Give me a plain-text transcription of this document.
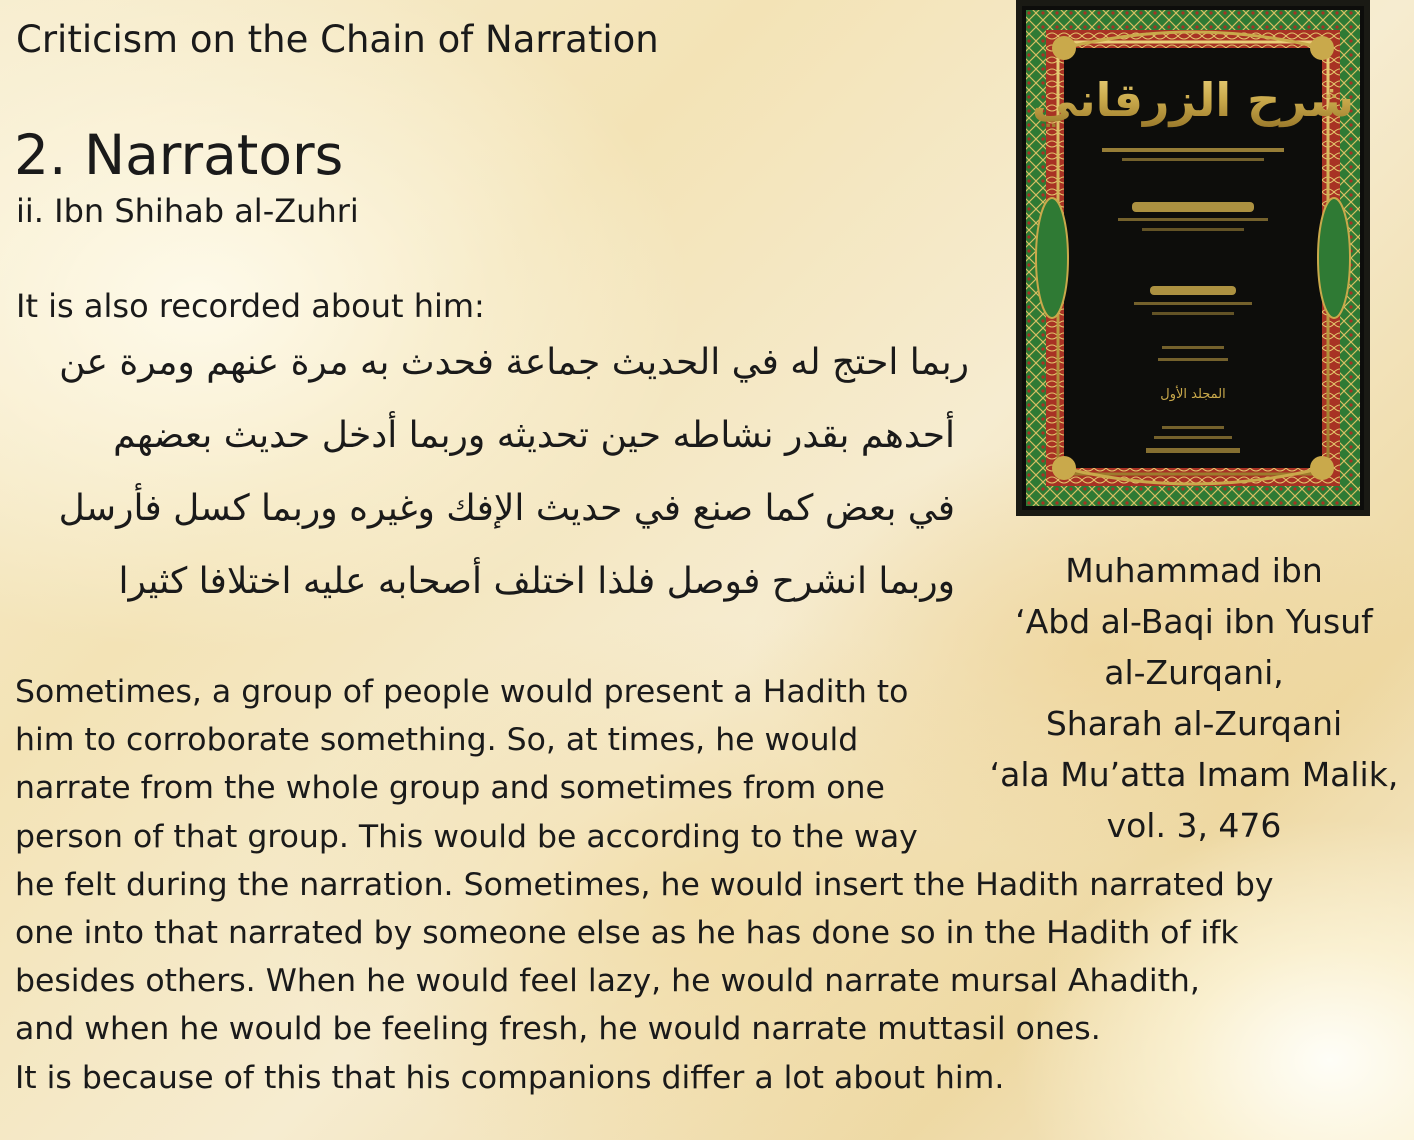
Criticism on the Chain of Narration
2. Narrators
ii. Ibn Shihab al-Zuhri
It is also recorded about him:
ربما احتج له في الحديث جماعة فحدث به مرة عنهم ومرة عن
أحدهم بقدر نشاطه حين تحديثه وربما أدخل حديث بعضهم
في بعض كما صنع في حديث الإفك وغيره وربما كسل فأرسل
وربما انشرح فوصل فلذا اختلف أصحابه عليه اختلافا كثيرا
Sometimes, a group of people would present a Hadith to
him to corroborate something. So, at times, he would
narrate from the whole group and sometimes from one
person of that group. This would be according to the way
he felt during the narration. Sometimes, he would insert the Hadith narrated by
one into that narrated by someone else as he has done so in the Hadith of ifk
besides others. When he would feel lazy, he would narrate mursal Ahadith,
and when he would be feeling fresh, he would narrate muttasil ones.
It is because of this that his companions differ a lot about him.
شرح الزرقاني
المجلد الأول
Muhammad ibn
‘Abd al-Baqi ibn Yusuf
al-Zurqani,
Sharah al-Zurqani
‘ala Mu’atta Imam Malik,
vol. 3, 476
